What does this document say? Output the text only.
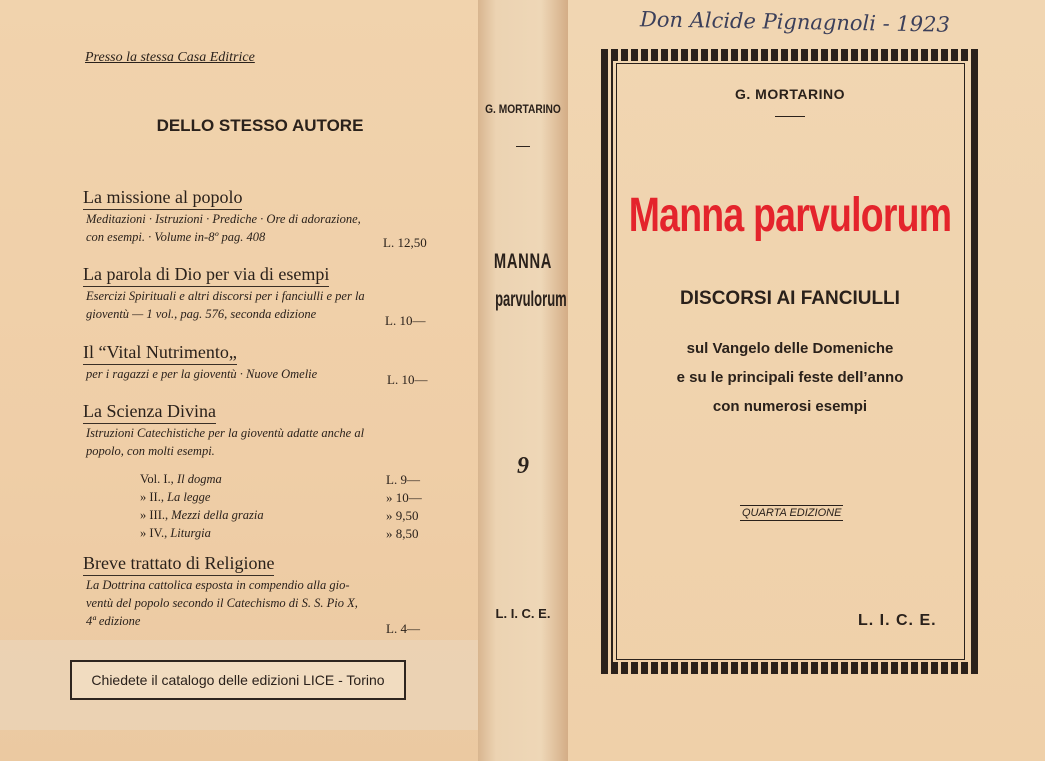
Presso la stessa Casa Editrice
DELLO STESSO AUTORE
La missione al popolo
Meditazioni · Istruzioni · Prediche · Ore di adorazione,
con esempi. · Volume in-8º pag. 408	L. 12,50
La parola di Dio per via di esempi
Esercizi Spirituali e altri discorsi per i fanciulli e per la
gioventù — 1 vol., pag. 576, seconda edizione	L. 10—
Il “Vital Nutrimento„
per i ragazzi e per la gioventù · Nuove Omelie	L. 10—
La Scienza Divina
Istruzioni Catechistiche per la gioventù adatte anche al
popolo, con molti esempi.
Vol. I., Il dogma	L. 9—
» II., La legge	» 10—
» III., Mezzi della grazia	» 9,50
» IV., Liturgia	» 8,50
Breve trattato di Religione
La Dottrina cattolica esposta in compendio alla gio-
ventù del popolo secondo il Catechismo di S. S. Pio X,
4ª edizione	L. 4—
Chiedete il catalogo delle edizioni LICE - Torino
G. MORTARINO
MANNA
parvulorum
9
L. I. C. E.
Don Alcide Pignagnoli - 1923
G. MORTARINO
Manna parvulorum
DISCORSI AI FANCIULLI
sul Vangelo delle Domeniche
e su le principali feste dell’anno
con numerosi esempi
QUARTA EDIZIONE
L. I. C. E.
